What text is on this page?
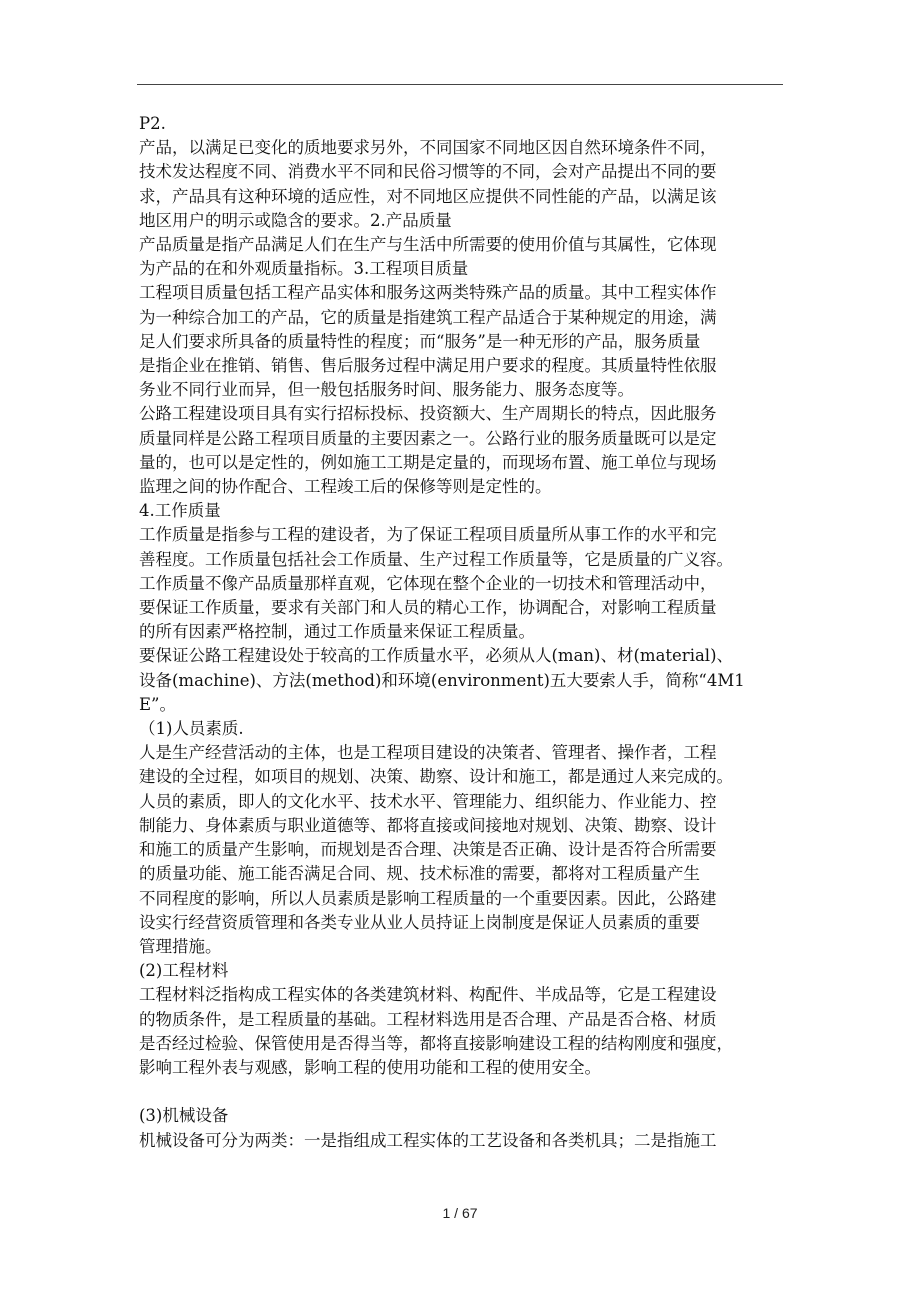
P2.

产品，以满足已变化的质地要求另外，不同国家不同地区因自然环境条件不同，

技术发达程度不同、消费水平不同和民俗习惯等的不同，会对产品提出不同的要

求，产品具有这种环境的适应性，对不同地区应提供不同性能的产品，以满足该

地区用户的明示或隐含的要求。2.产品质量

产品质量是指产品满足人们在生产与生活中所需要的使用价值与其属性，它体现

为产品的在和外观质量指标。3.工程项目质量

工程项目质量包括工程产品实体和服务这两类特殊产品的质量。其中工程实体作

为一种综合加工的产品，它的质量是指建筑工程产品适合于某种规定的用途，满

足人们要求所具备的质量特性的程度；而“服务”是一种无形的产品，服务质量

是指企业在推销、销售、售后服务过程中满足用户要求的程度。其质量特性依服

务业不同行业而异，但一般包括服务时间、服务能力、服务态度等。

公路工程建设项目具有实行招标投标、投资额大、生产周期长的特点，因此服务

质量同样是公路工程项目质量的主要因素之一。公路行业的服务质量既可以是定

量的，也可以是定性的，例如施工工期是定量的，而现场布置、施工单位与现场

监理之间的协作配合、工程竣工后的保修等则是定性的。

4.工作质量

工作质量是指参与工程的建设者，为了保证工程项目质量所从事工作的水平和完

善程度。工作质量包括社会工作质量、生产过程工作质量等，它是质量的广义容。

工作质量不像产品质量那样直观，它体现在整个企业的一切技术和管理活动中，

要保证工作质量，要求有关部门和人员的精心工作，协调配合，对影响工程质量

的所有因素严格控制，通过工作质量来保证工程质量。

要保证公路工程建设处于较高的工作质量水平，必须从人(man)、材(material)、

设备(machine)、方法(method)和环境(environment)五大要索人手，简称“4M1

E”。

（1)人员素质.

人是生产经营活动的主体，也是工程项目建设的决策者、管理者、操作者，工程

建设的全过程，如项目的规划、决策、勘察、设计和施工，都是通过人来完成的。

人员的素质，即人的文化水平、技术水平、管理能力、组织能力、作业能力、控

制能力、身体素质与职业道德等、都将直接或间接地对规划、决策、勘察、设计

和施工的质量产生影响，而规划是否合理、决策是否正确、设计是否符合所需要

的质量功能、施工能否满足合同、规、技术标准的需要，都将对工程质量产生

不同程度的影响，所以人员素质是影响工程质量的一个重要因素。因此，公路建

设实行经营资质管理和各类专业从业人员持证上岗制度是保证人员素质的重要

管理措施。

(2)工程材料

工程材料泛指构成工程实体的各类建筑材料、构配件、半成品等，它是工程建设

的物质条件，是工程质量的基础。工程材料选用是否合理、产品是否合格、材质

是否经过检验、保管使用是否得当等，都将直接影响建设工程的结构刚度和强度，

影响工程外表与观感，影响工程的使用功能和工程的使用安全。

(3)机械设备

机械设备可分为两类：一是指组成工程实体的工艺设备和各类机具；二是指施工

1 / 67
